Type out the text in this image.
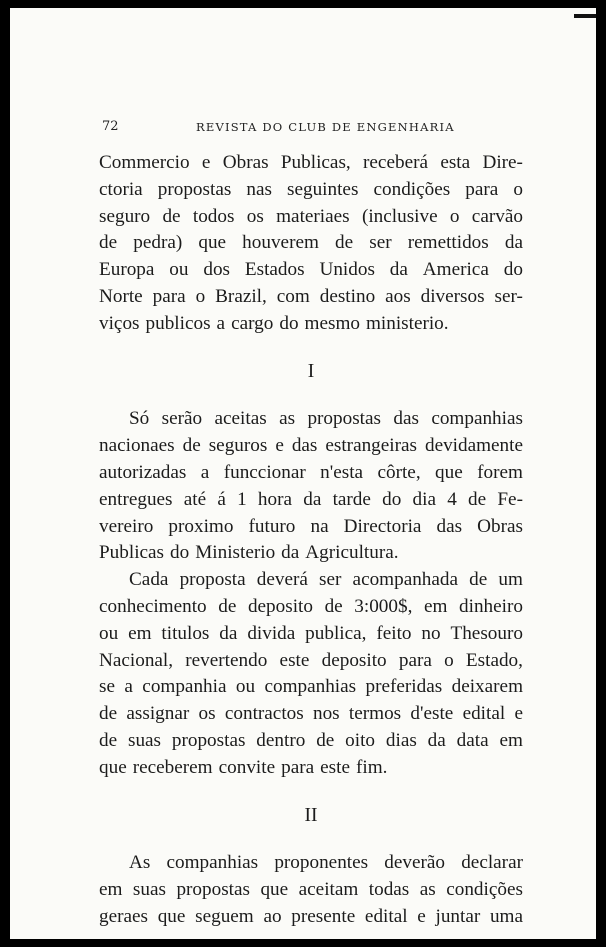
72	REVISTA DO CLUB DE ENGENHARIA
Commercio e Obras Publicas, receberá esta Dire-
ctoria propostas nas seguintes condições para o
seguro de todos os materiaes (inclusive o carvão
de pedra) que houverem de ser remettidos da
Europa ou dos Estados Unidos da America do
Norte para o Brazil, com destino aos diversos ser-
viços publicos a cargo do mesmo ministerio.
I
Só serão aceitas as propostas das companhias
nacionaes de seguros e das estrangeiras devidamente
autorizadas a funccionar n'esta côrte, que forem
entregues até á 1 hora da tarde do dia 4 de Fe-
vereiro proximo futuro na Directoria das Obras
Publicas do Ministerio da Agricultura.
Cada proposta deverá ser acompanhada de um
conhecimento de deposito de 3:000$, em dinheiro
ou em titulos da divida publica, feito no Thesouro
Nacional, revertendo este deposito para o Estado,
se a companhia ou companhias preferidas deixarem
de assignar os contractos nos termos d'este edital e
de suas propostas dentro de oito dias da data em
que receberem convite para este fim.
II
As companhias proponentes deverão declarar
em suas propostas que aceitam todas as condições
geraes que seguem ao presente edital e juntar uma
